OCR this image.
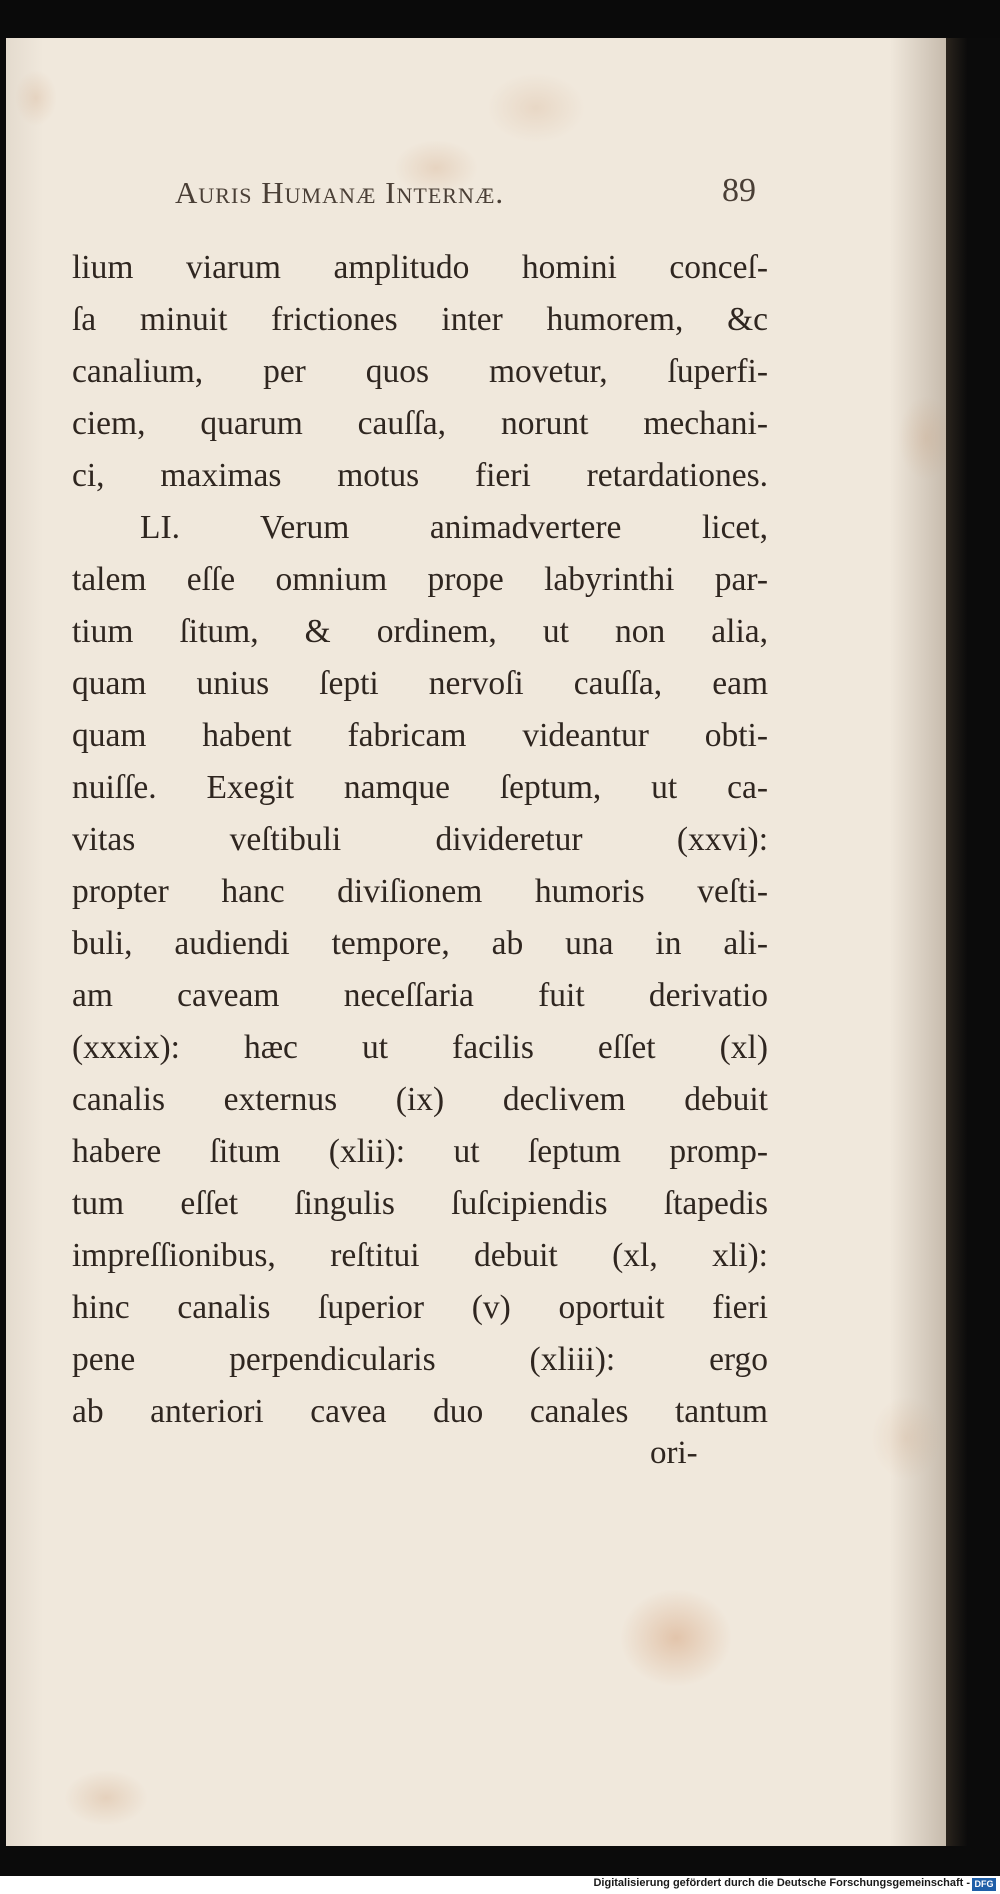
Auris Humanæ Internæ.	89
lium viarum amplitudo homini conceſ-
ſa minuit frictiones inter humorem, &c
canalium, per quos movetur, ſuperfi-
ciem, quarum cauſſa, norunt mechani-
ci, maximas motus fieri retardationes.
LI. Verum animadvertere licet,
talem eſſe omnium prope labyrinthi par-
tium ſitum, & ordinem, ut non alia,
quam unius ſepti nervoſi cauſſa, eam
quam habent fabricam videantur obti-
nuiſſe. Exegit namque ſeptum, ut ca-
vitas veſtibuli divideretur (xxvi):
propter hanc diviſionem humoris veſti-
buli, audiendi tempore, ab una in ali-
am caveam neceſſaria fuit derivatio
(xxxix): hæc ut facilis eſſet (xl)
canalis externus (ix) declivem debuit
habere ſitum (xlii): ut ſeptum promp-
tum eſſet ſingulis ſuſcipiendis ſtapedis
impreſſionibus, reſtitui debuit (xl, xli):
hinc canalis ſuperior (v) oportuit fieri
pene perpendicularis (xliii): ergo
ab anteriori cavea duo canales tantum
ori-
Digitalisierung gefördert durch die Deutsche Forschungsgemeinschaft - DFG
